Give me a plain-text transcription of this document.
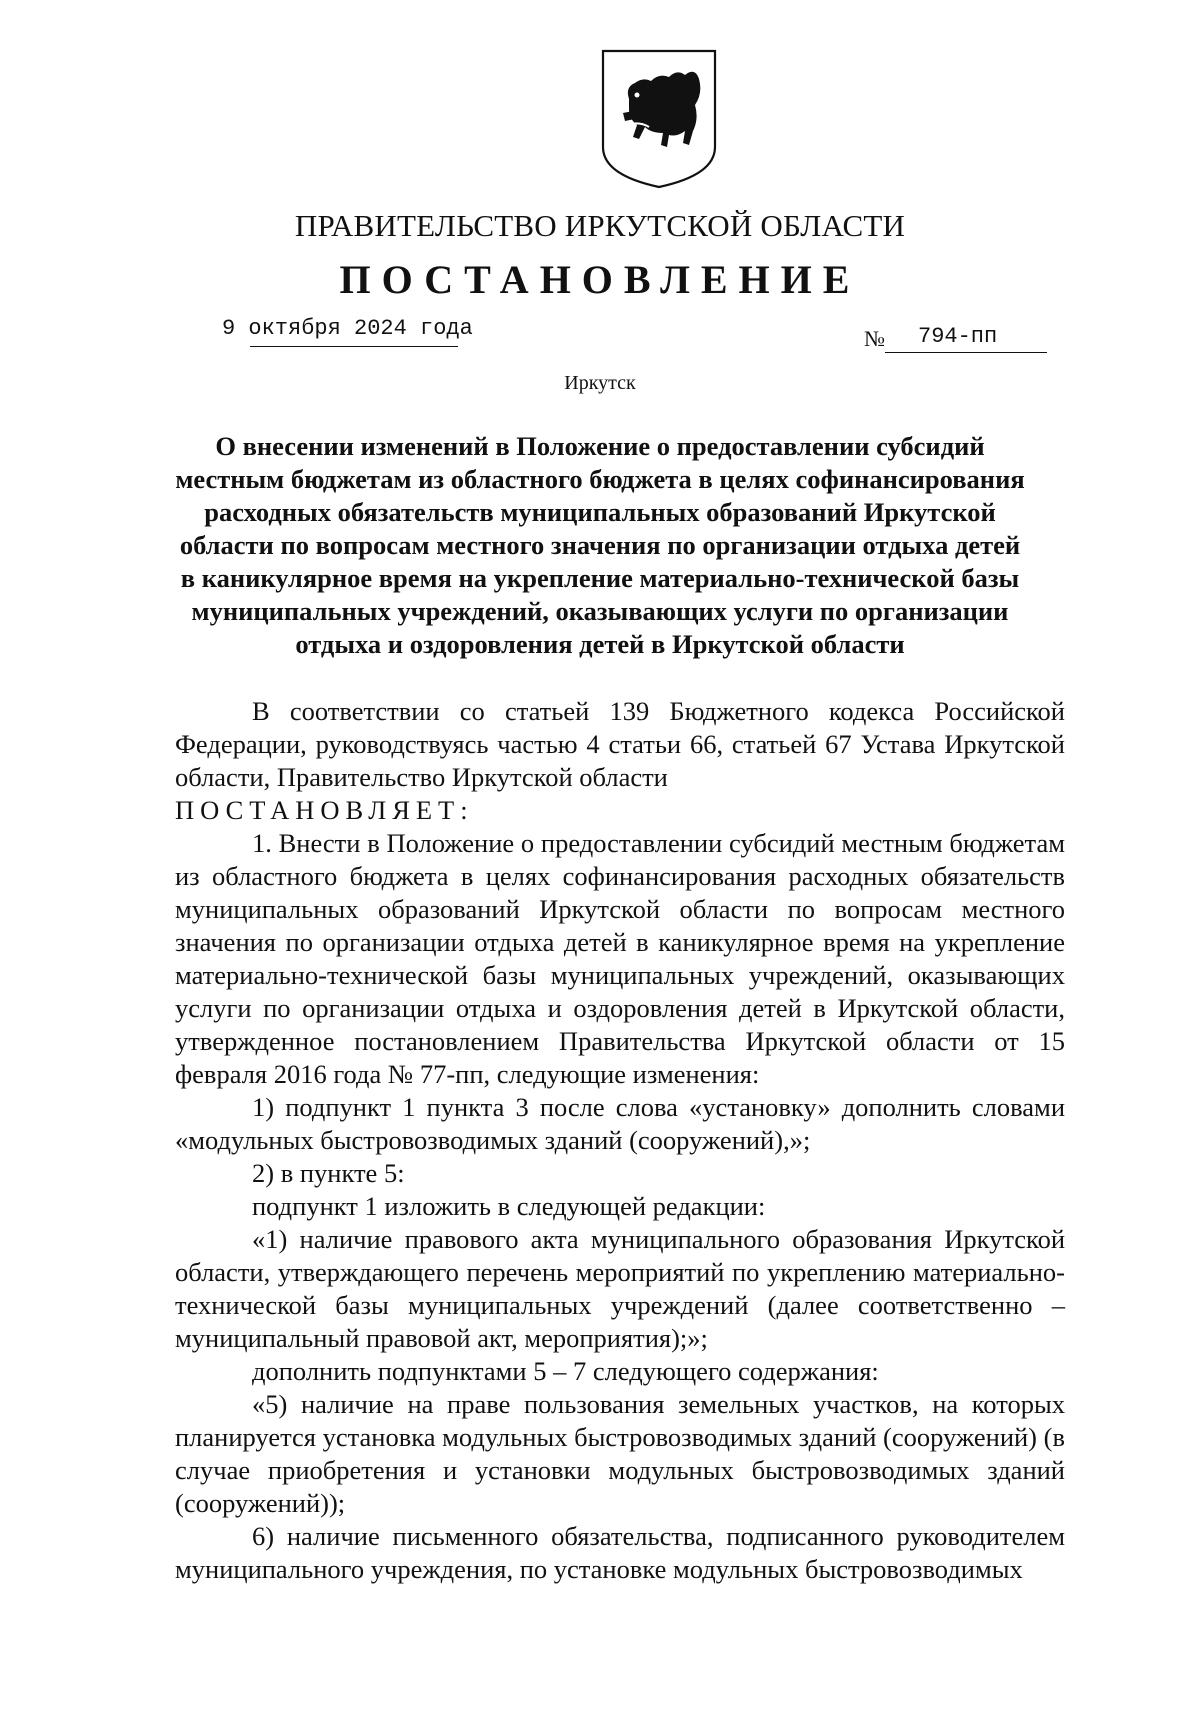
ПРАВИТЕЛЬСТВО ИРКУТСКОЙ ОБЛАСТИ
ПОСТАНОВЛЕНИЕ
9 октября 2024 года	№ 794-пп
Иркутск

О внесении изменений в Положение о предоставлении субсидий местным бюджетам из областного бюджета в целях софинансирования расходных обязательств муниципальных образований Иркутской области по вопросам местного значения по организации отдыха детей в каникулярное время на укрепление материально-технической базы муниципальных учреждений, оказывающих услуги по организации отдыха и оздоровления детей в Иркутской области

В соответствии со статьей 139 Бюджетного кодекса Российской Федерации, руководствуясь частью 4 статьи 66, статьей 67 Устава Иркутской области, Правительство Иркутской области

ПОСТАНОВЛЯЕТ:

1. Внести в Положение о предоставлении субсидий местным бюджетам из областного бюджета в целях софинансирования расходных обязательств муниципальных образований Иркутской области по вопросам местного значения по организации отдыха детей в каникулярное время на укрепление материально-технической базы муниципальных учреждений, оказывающих услуги по организации отдыха и оздоровления детей в Иркутской области, утвержденное постановлением Правительства Иркутской области от 15 февраля 2016 года № 77-пп, следующие изменения:

1) подпункт 1 пункта 3 после слова «установку» дополнить словами «модульных быстровозводимых зданий (сооружений),»;

2) в пункте 5:

подпункт 1 изложить в следующей редакции:

«1) наличие правового акта муниципального образования Иркутской области, утверждающего перечень мероприятий по укреплению материально-технической базы муниципальных учреждений (далее соответственно – муниципальный правовой акт, мероприятия);»;

дополнить подпунктами 5 – 7 следующего содержания:

«5) наличие на праве пользования земельных участков, на которых планируется установка модульных быстровозводимых зданий (сооружений) (в случае приобретения и установки модульных быстровозводимых зданий (сооружений));

6) наличие письменного обязательства, подписанного руководителем муниципального учреждения, по установке модульных быстровозводимых
